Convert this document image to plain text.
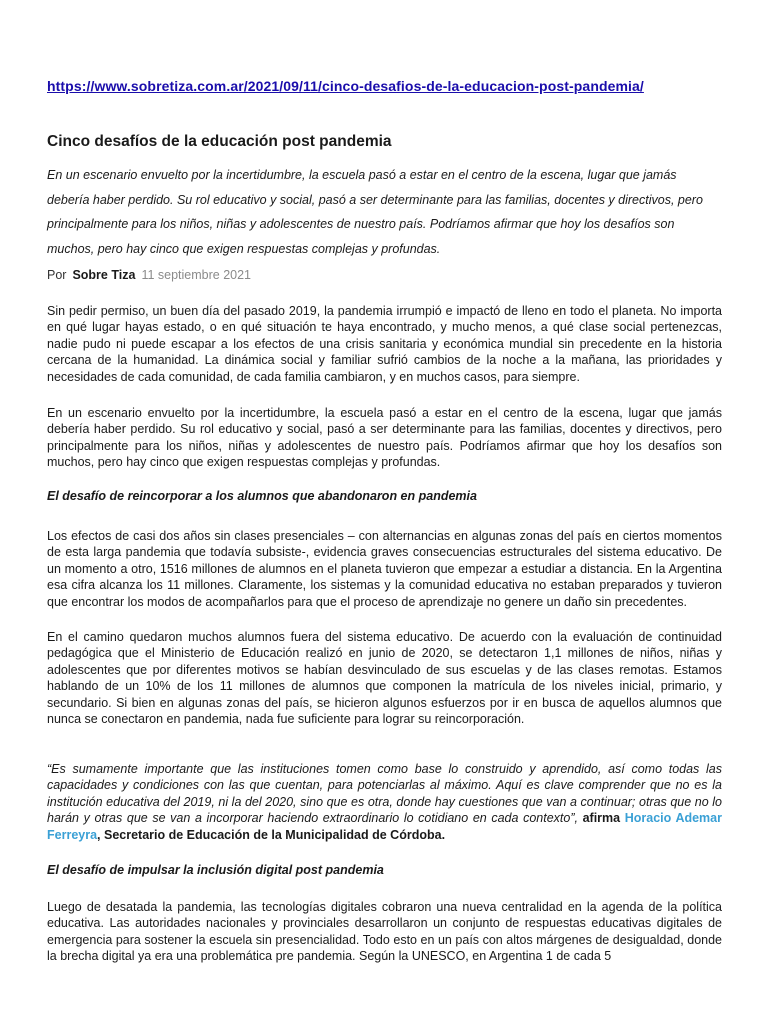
https://www.sobretiza.com.ar/2021/09/11/cinco-desafios-de-la-educacion-post-pandemia/
Cinco desafíos de la educación post pandemia
En un escenario envuelto por la incertidumbre, la escuela pasó a estar en el centro de la escena, lugar que jamás debería haber perdido. Su rol educativo y social, pasó a ser determinante para las familias, docentes y directivos, pero principalmente para los niños, niñas y adolescentes de nuestro país. Podríamos afirmar que hoy los desafíos son muchos, pero hay cinco que exigen respuestas complejas y profundas.
Por Sobre Tiza 11 septiembre 2021
Sin pedir permiso, un buen día del pasado 2019, la pandemia irrumpió e impactó de lleno en todo el planeta. No importa en qué lugar hayas estado, o en qué situación te haya encontrado, y mucho menos, a qué clase social pertenezcas, nadie pudo ni puede escapar a los efectos de una crisis sanitaria y económica mundial sin precedente en la historia cercana de la humanidad. La dinámica social y familiar sufrió cambios de la noche a la mañana, las prioridades y necesidades de cada comunidad, de cada familia cambiaron, y en muchos casos, para siempre.
En un escenario envuelto por la incertidumbre, la escuela pasó a estar en el centro de la escena, lugar que jamás debería haber perdido. Su rol educativo y social, pasó a ser determinante para las familias, docentes y directivos, pero principalmente para los niños, niñas y adolescentes de nuestro país. Podríamos afirmar que hoy los desafíos son muchos, pero hay cinco que exigen respuestas complejas y profundas.
El desafío de reincorporar a los alumnos que abandonaron en pandemia
Los efectos de casi dos años sin clases presenciales – con alternancias en algunas zonas del país en ciertos momentos de esta larga pandemia que todavía subsiste-, evidencia graves consecuencias estructurales del sistema educativo. De un momento a otro, 1516 millones de alumnos en el planeta tuvieron que empezar a estudiar a distancia. En la Argentina esa cifra alcanza los 11 millones. Claramente, los sistemas y la comunidad educativa no estaban preparados y tuvieron que encontrar los modos de acompañarlos para que el proceso de aprendizaje no genere un daño sin precedentes.
En el camino quedaron muchos alumnos fuera del sistema educativo. De acuerdo con la evaluación de continuidad pedagógica que el Ministerio de Educación realizó en junio de 2020, se detectaron 1,1 millones de niños, niñas y adolescentes que por diferentes motivos se habían desvinculado de sus escuelas y de las clases remotas. Estamos hablando de un 10% de los 11 millones de alumnos que componen la matrícula de los niveles inicial, primario, y secundario. Si bien en algunas zonas del país, se hicieron algunos esfuerzos por ir en busca de aquellos alumnos que nunca se conectaron en pandemia, nada fue suficiente para lograr su reincorporación.
“Es sumamente importante que las instituciones tomen como base lo construido y aprendido, así como todas las capacidades y condiciones con las que cuentan, para potenciarlas al máximo. Aquí es clave comprender que no es la institución educativa del 2019, ni la del 2020, sino que es otra, donde hay cuestiones que van a continuar; otras que no lo harán y otras que se van a incorporar haciendo extraordinario lo cotidiano en cada contexto”, afirma Horacio Ademar Ferreyra, Secretario de Educación de la Municipalidad de Córdoba.
El desafío de impulsar la inclusión digital post pandemia
Luego de desatada la pandemia, las tecnologías digitales cobraron una nueva centralidad en la agenda de la política educativa. Las autoridades nacionales y provinciales desarrollaron un conjunto de respuestas educativas digitales de emergencia para sostener la escuela sin presencialidad. Todo esto en un país con altos márgenes de desigualdad, donde la brecha digital ya era una problemática pre pandemia. Según la UNESCO, en Argentina 1 de cada 5
